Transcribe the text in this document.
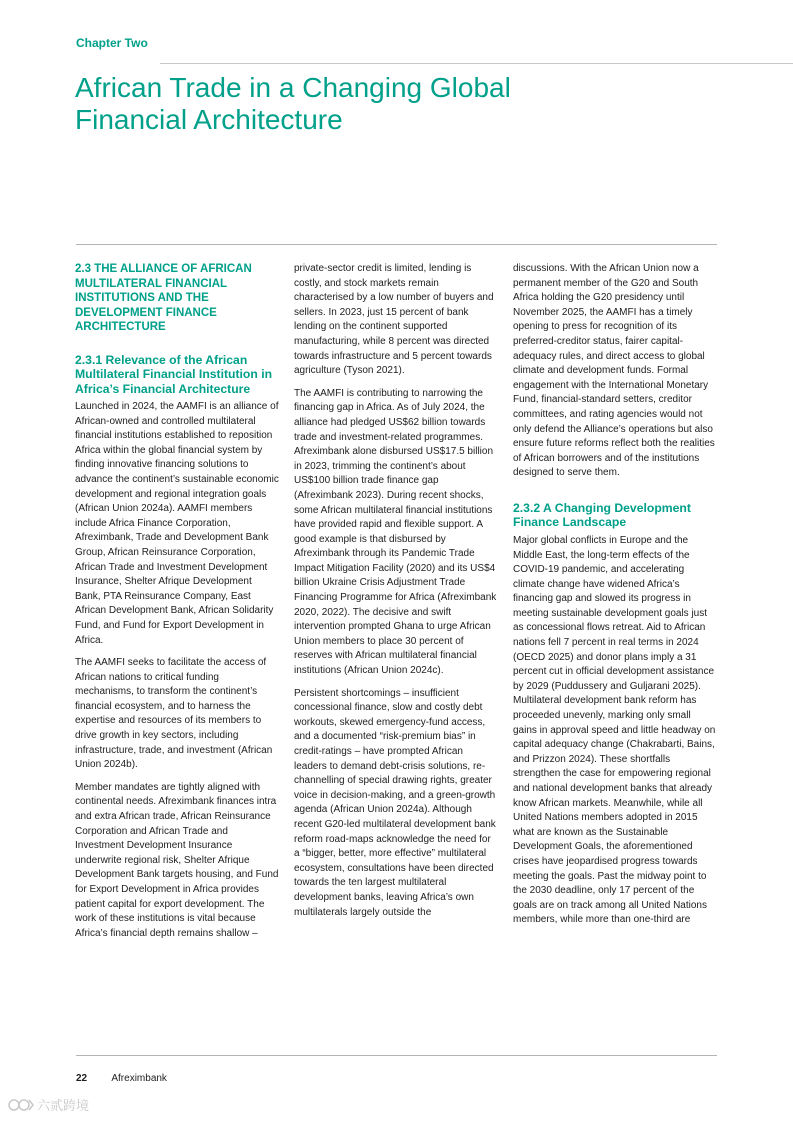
Chapter Two
African Trade in a Changing Global Financial Architecture
2.3 THE ALLIANCE OF AFRICAN MULTILATERAL FINANCIAL INSTITUTIONS AND THE DEVELOPMENT FINANCE ARCHITECTURE
2.3.1 Relevance of the African Multilateral Financial Institution in Africa’s Financial Architecture

Launched in 2024, the AAMFI is an alliance of African-owned and controlled multilateral financial institutions established to reposition Africa within the global financial system by finding innovative financing solutions to advance the continent’s sustainable economic development and regional integration goals (African Union 2024a). AAMFI members include Africa Finance Corporation, Afreximbank, Trade and Development Bank Group, African Reinsurance Corporation, African Trade and Investment Development Insurance, Shelter Afrique Development Bank, PTA Reinsurance Company, East African Development Bank, African Solidarity Fund, and Fund for Export Development in Africa.

The AAMFI seeks to facilitate the access of African nations to critical funding mechanisms, to transform the continent’s financial ecosystem, and to harness the expertise and resources of its members to drive growth in key sectors, including infrastructure, trade, and investment (African Union 2024b).

Member mandates are tightly aligned with continental needs. Afreximbank finances intra and extra African trade, African Reinsurance Corporation and African Trade and Investment Development Insurance underwrite regional risk, Shelter Afrique Development Bank targets housing, and Fund for Export Development in Africa provides patient capital for export development. The work of these institutions is vital because Africa’s financial depth remains shallow –

private-sector credit is limited, lending is costly, and stock markets remain characterised by a low number of buyers and sellers. In 2023, just 15 percent of bank lending on the continent supported manufacturing, while 8 percent was directed towards infrastructure and 5 percent towards agriculture (Tyson 2021).

The AAMFI is contributing to narrowing the financing gap in Africa. As of July 2024, the alliance had pledged US$62 billion towards trade and investment-related programmes. Afreximbank alone disbursed US$17.5 billion in 2023, trimming the continent’s about US$100 billion trade finance gap (Afreximbank 2023). During recent shocks, some African multilateral financial institutions have provided rapid and flexible support. A good example is that disbursed by Afreximbank through its Pandemic Trade Impact Mitigation Facility (2020) and its US$4 billion Ukraine Crisis Adjustment Trade Financing Programme for Africa (Afreximbank 2020, 2022). The decisive and swift intervention prompted Ghana to urge African Union members to place 30 percent of reserves with African multilateral financial institutions (African Union 2024c).

Persistent shortcomings – insufficient concessional finance, slow and costly debt workouts, skewed emergency-fund access, and a documented “risk-premium bias” in credit-ratings – have prompted African leaders to demand debt-crisis solutions, re-channelling of special drawing rights, greater voice in decision-making, and a green-growth agenda (African Union 2024a). Although recent G20-led multilateral development bank reform road-maps acknowledge the need for a “bigger, better, more effective” multilateral ecosystem, consultations have been directed towards the ten largest multilateral development banks, leaving Africa’s own multilaterals largely outside the

discussions. With the African Union now a permanent member of the G20 and South Africa holding the G20 presidency until November 2025, the AAMFI has a timely opening to press for recognition of its preferred-creditor status, fairer capital-adequacy rules, and direct access to global climate and development funds. Formal engagement with the International Monetary Fund, financial-standard setters, creditor committees, and rating agencies would not only defend the Alliance’s operations but also ensure future reforms reflect both the realities of African borrowers and of the institutions designed to serve them.

2.3.2 A Changing Development Finance Landscape

Major global conflicts in Europe and the Middle East, the long-term effects of the COVID-19 pandemic, and accelerating climate change have widened Africa’s financing gap and slowed its progress in meeting sustainable development goals just as concessional flows retreat. Aid to African nations fell 7 percent in real terms in 2024 (OECD 2025) and donor plans imply a 31 percent cut in official development assistance by 2029 (Puddussery and Guljarani 2025). Multilateral development bank reform has proceeded unevenly, marking only small gains in approval speed and little headway on capital adequacy change (Chakrabarti, Bains, and Prizzon 2024). These shortfalls strengthen the case for empowering regional and national development banks that already know African markets. Meanwhile, while all United Nations members adopted in 2015 what are known as the Sustainable Development Goals, the aforementioned crises have jeopardised progress towards meeting the goals. Past the midway point to the 2030 deadline, only 17 percent of the goals are on track among all United Nations members, while more than one-third are

22 Afreximbank
六贰跨境
